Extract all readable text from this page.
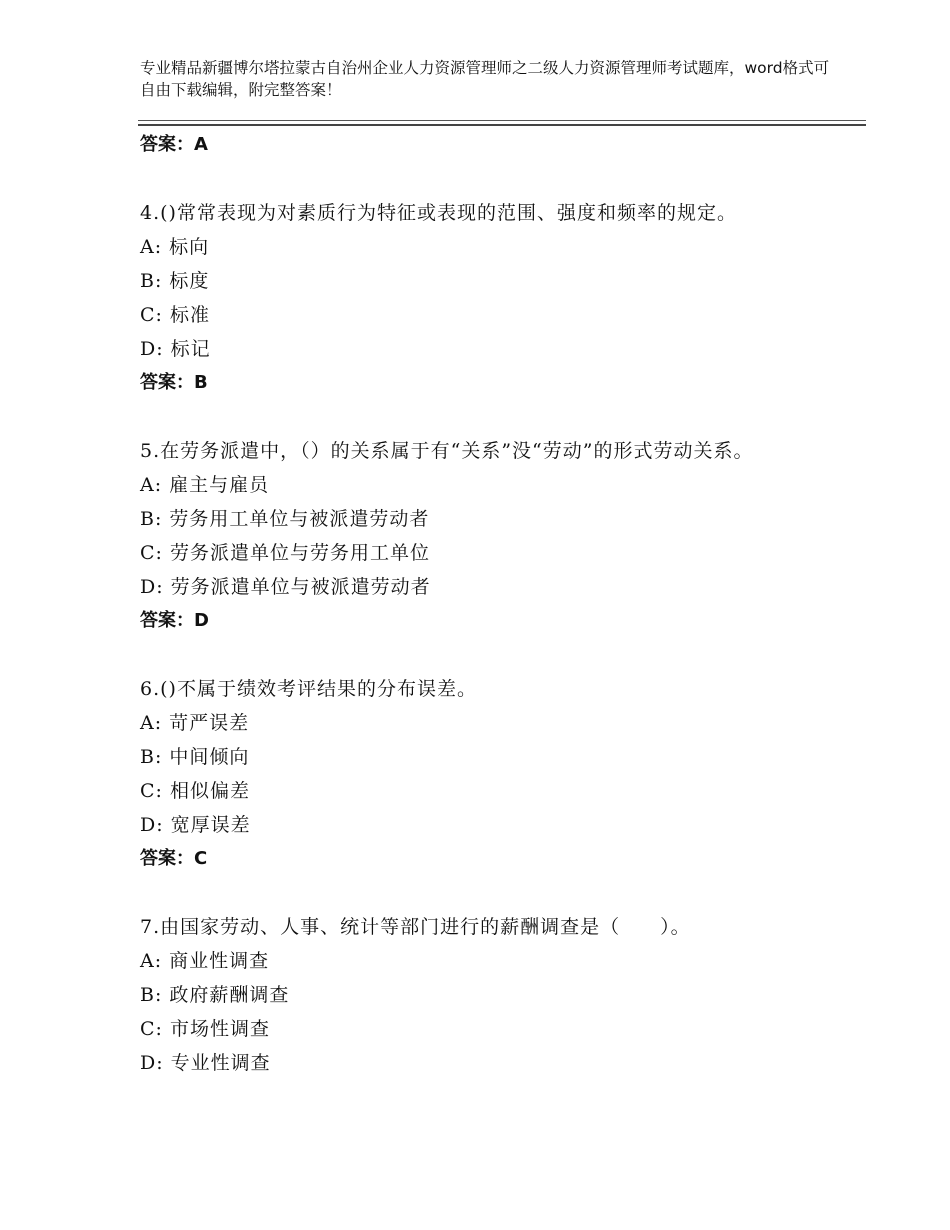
专业精品新疆博尔塔拉蒙古自治州企业人力资源管理师之二级人力资源管理师考试题库，word格式可自由下载编辑，附完整答案！
答案：A
4.()常常表现为对素质行为特征或表现的范围、强度和频率的规定。
A: 标向
B: 标度
C: 标准
D: 标记
答案：B
5.在劳务派遣中，（）的关系属于有“关系”没“劳动”的形式劳动关系。
A: 雇主与雇员
B: 劳务用工单位与被派遣劳动者
C: 劳务派遣单位与劳务用工单位
D: 劳务派遣单位与被派遣劳动者
答案：D
6.()不属于绩效考评结果的分布误差。
A: 苛严误差
B: 中间倾向
C: 相似偏差
D: 宽厚误差
答案：C
7.由国家劳动、人事、统计等部门进行的薪酬调查是（　　）。
A: 商业性调查
B: 政府薪酬调查
C: 市场性调查
D: 专业性调查
